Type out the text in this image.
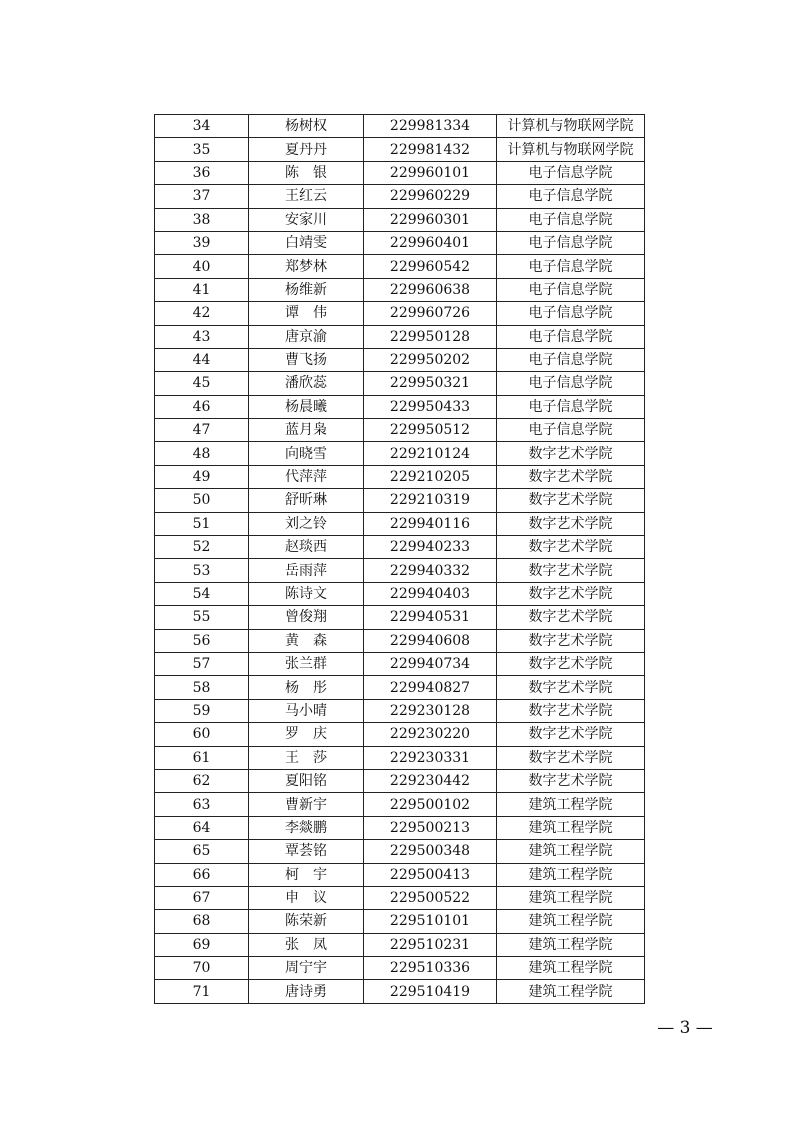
34	杨树权	229981334	计算机与物联网学院
35	夏丹丹	229981432	计算机与物联网学院
36	陈　银	229960101	电子信息学院
37	王红云	229960229	电子信息学院
38	安家川	229960301	电子信息学院
39	白靖雯	229960401	电子信息学院
40	郑梦林	229960542	电子信息学院
41	杨维新	229960638	电子信息学院
42	谭　伟	229960726	电子信息学院
43	唐京渝	229950128	电子信息学院
44	曹飞扬	229950202	电子信息学院
45	潘欣蕊	229950321	电子信息学院
46	杨晨曦	229950433	电子信息学院
47	蓝月枭	229950512	电子信息学院
48	向晓雪	229210124	数字艺术学院
49	代萍萍	229210205	数字艺术学院
50	舒昕琳	229210319	数字艺术学院
51	刘之铃	229940116	数字艺术学院
52	赵琰西	229940233	数字艺术学院
53	岳雨萍	229940332	数字艺术学院
54	陈诗文	229940403	数字艺术学院
55	曾俊翔	229940531	数字艺术学院
56	黄　森	229940608	数字艺术学院
57	张兰群	229940734	数字艺术学院
58	杨　彤	229940827	数字艺术学院
59	马小晴	229230128	数字艺术学院
60	罗　庆	229230220	数字艺术学院
61	王　莎	229230331	数字艺术学院
62	夏阳铭	229230442	数字艺术学院
63	曹新宇	229500102	建筑工程学院
64	李燚鹏	229500213	建筑工程学院
65	覃荟铭	229500348	建筑工程学院
66	柯　宇	229500413	建筑工程学院
67	申　议	229500522	建筑工程学院
68	陈荣新	229510101	建筑工程学院
69	张　凤	229510231	建筑工程学院
70	周宁宇	229510336	建筑工程学院
71	唐诗勇	229510419	建筑工程学院
— 3 —
